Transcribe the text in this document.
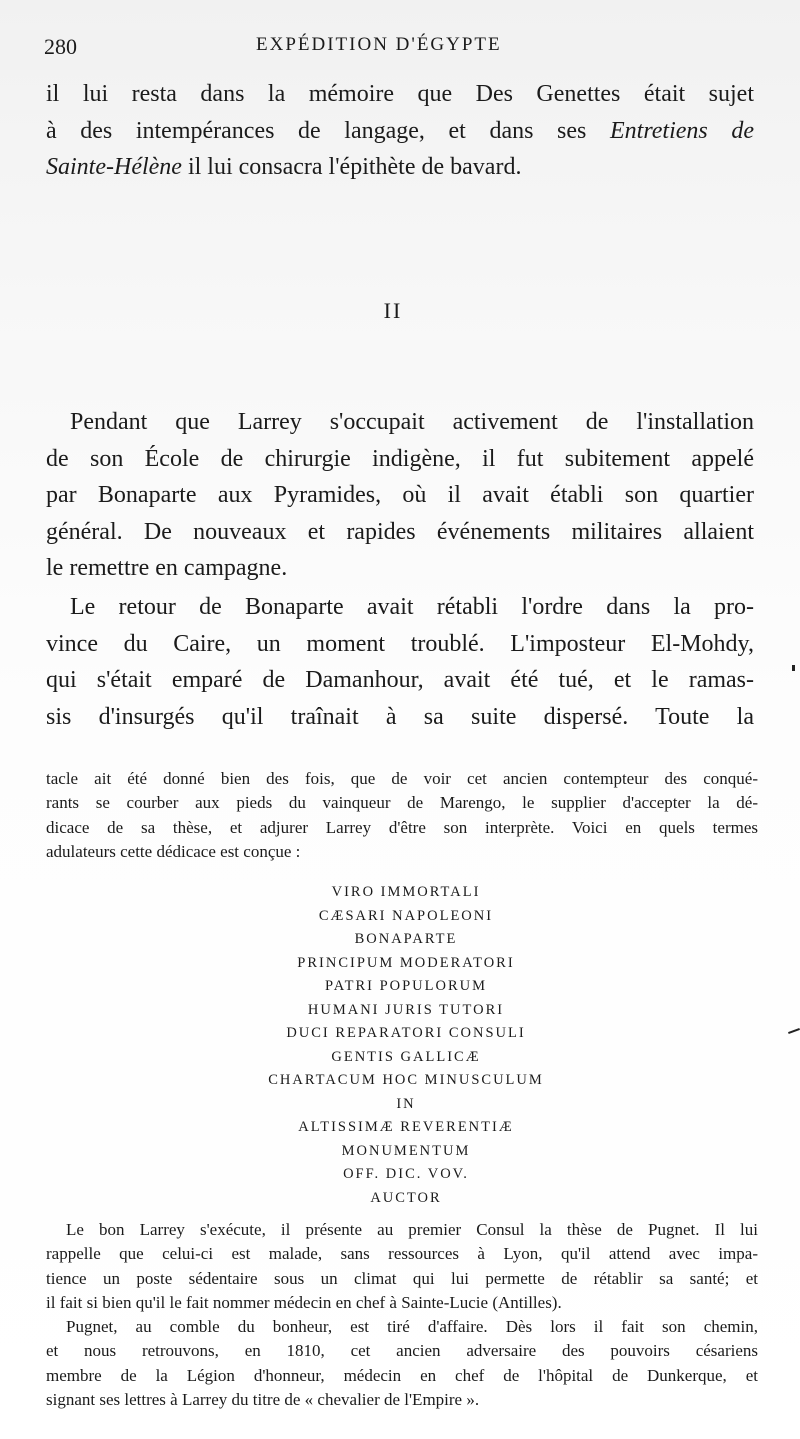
280	EXPÉDITION D'ÉGYPTE
il lui resta dans la mémoire que Des Genettes était sujet
à des intempérances de langage, et dans ses Entretiens de
Sainte-Hélène il lui consacra l'épithète de bavard.
II
Pendant que Larrey s'occupait activement de l'installation
de son École de chirurgie indigène, il fut subitement appelé
par Bonaparte aux Pyramides, où il avait établi son quartier
général. De nouveaux et rapides événements militaires allaient
le remettre en campagne.
Le retour de Bonaparte avait rétabli l'ordre dans la pro-
vince du Caire, un moment troublé. L'imposteur El-Mohdy,
qui s'était emparé de Damanhour, avait été tué, et le ramas-
sis d'insurgés qu'il traînait à sa suite dispersé. Toute la
tacle ait été donné bien des fois, que de voir cet ancien contempteur des conqué-
rants se courber aux pieds du vainqueur de Marengo, le supplier d'accepter la dé-
dicace de sa thèse, et adjurer Larrey d'être son interprète. Voici en quels termes
adulateurs cette dédicace est conçue :
VIRO IMMORTALI
CÆSARI NAPOLEONI
BONAPARTE
PRINCIPUM MODERATORI
PATRI POPULORUM
HUMANI JURIS TUTORI
DUCI REPARATORI CONSULI
GENTIS GALLICÆ
CHARTACUM HOC MINUSCULUM
IN
ALTISSIMÆ REVERENTIÆ
MONUMENTUM
OFF. DIC. VOV.
AUCTOR
Le bon Larrey s'exécute, il présente au premier Consul la thèse de Pugnet. Il lui
rappelle que celui-ci est malade, sans ressources à Lyon, qu'il attend avec impa-
tience un poste sédentaire sous un climat qui lui permette de rétablir sa santé; et
il fait si bien qu'il le fait nommer médecin en chef à Sainte-Lucie (Antilles).
Pugnet, au comble du bonheur, est tiré d'affaire. Dès lors il fait son chemin,
et nous retrouvons, en 1810, cet ancien adversaire des pouvoirs césariens
membre de la Légion d'honneur, médecin en chef de l'hôpital de Dunkerque, et
signant ses lettres à Larrey du titre de « chevalier de l'Empire ».
